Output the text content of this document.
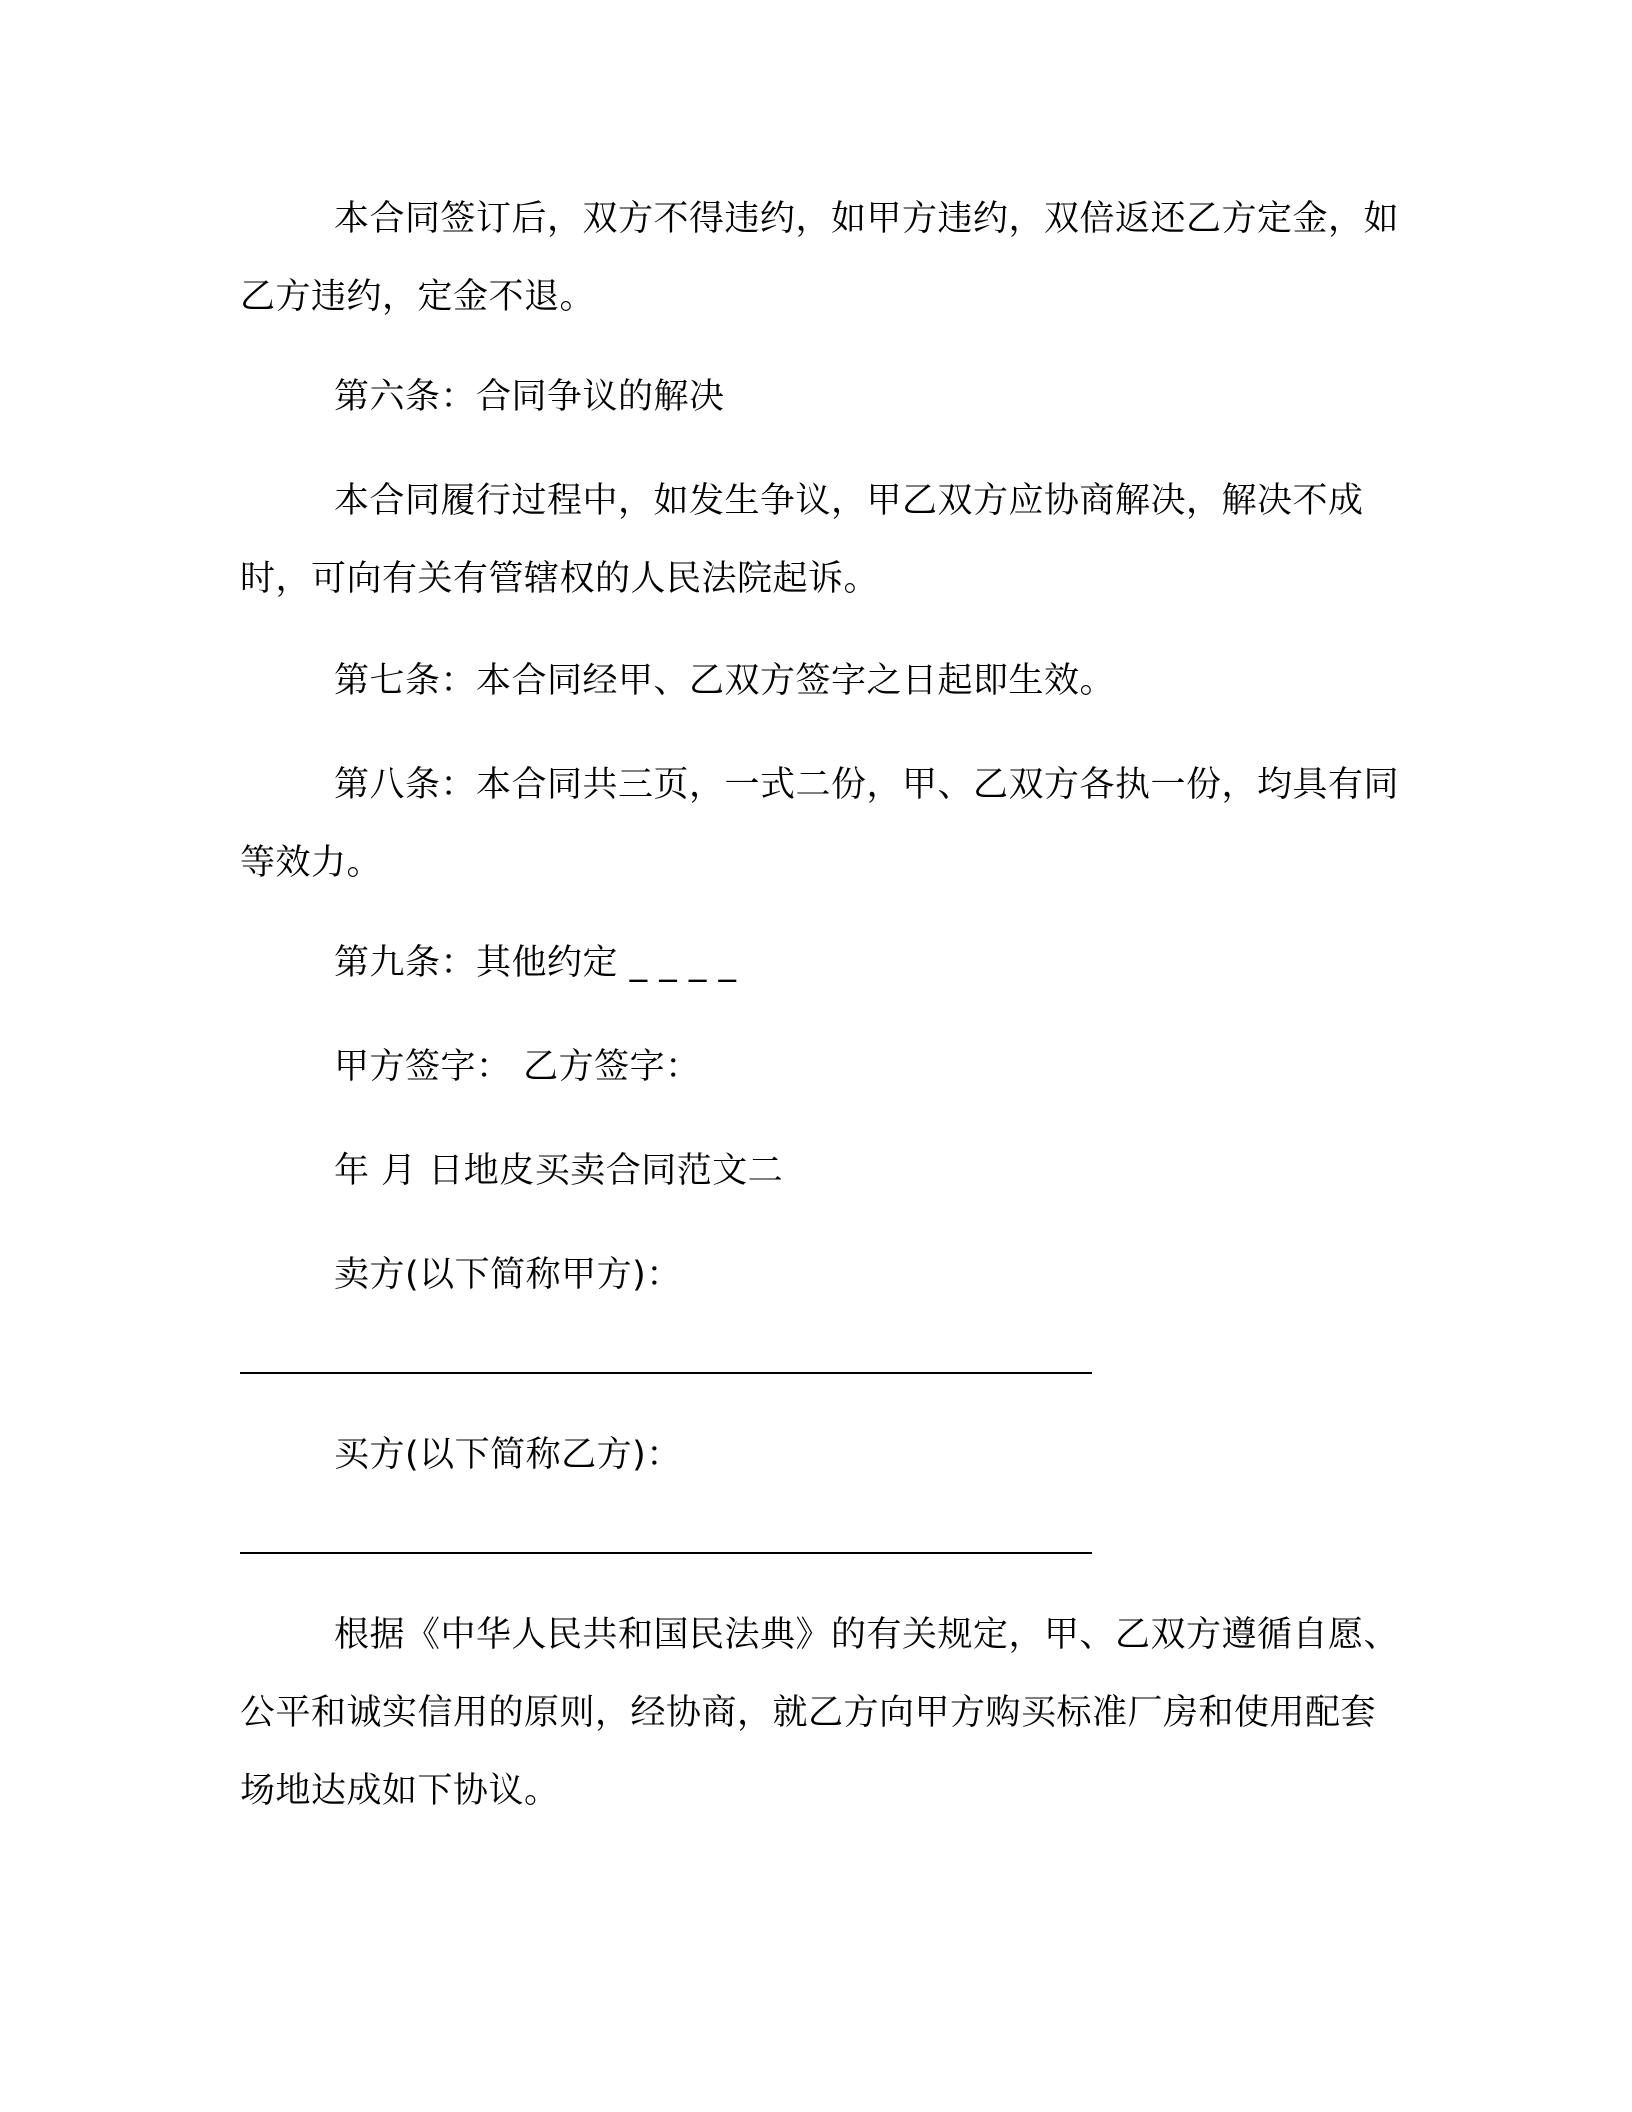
本合同签订后，双方不得违约，如甲方违约，双倍返还乙方定金，如乙方违约，定金不退。

第六条：合同争议的解决

本合同履行过程中，如发生争议，甲乙双方应协商解决，解决不成时，可向有关有管辖权的人民法院起诉。

第七条：本合同经甲、乙双方签字之日起即生效。

第八条：本合同共三页，一式二份，甲、乙双方各执一份，均具有同等效力。

第九条：其他约定 _ _ _ _

甲方签字： 乙方签字：

年 月 日地皮买卖合同范文二

卖方(以下简称甲方)：

买方(以下简称乙方)：

根据《中华人民共和国民法典》的有关规定，甲、乙双方遵循自愿、公平和诚实信用的原则，经协商，就乙方向甲方购买标准厂房和使用配套场地达成如下协议。
